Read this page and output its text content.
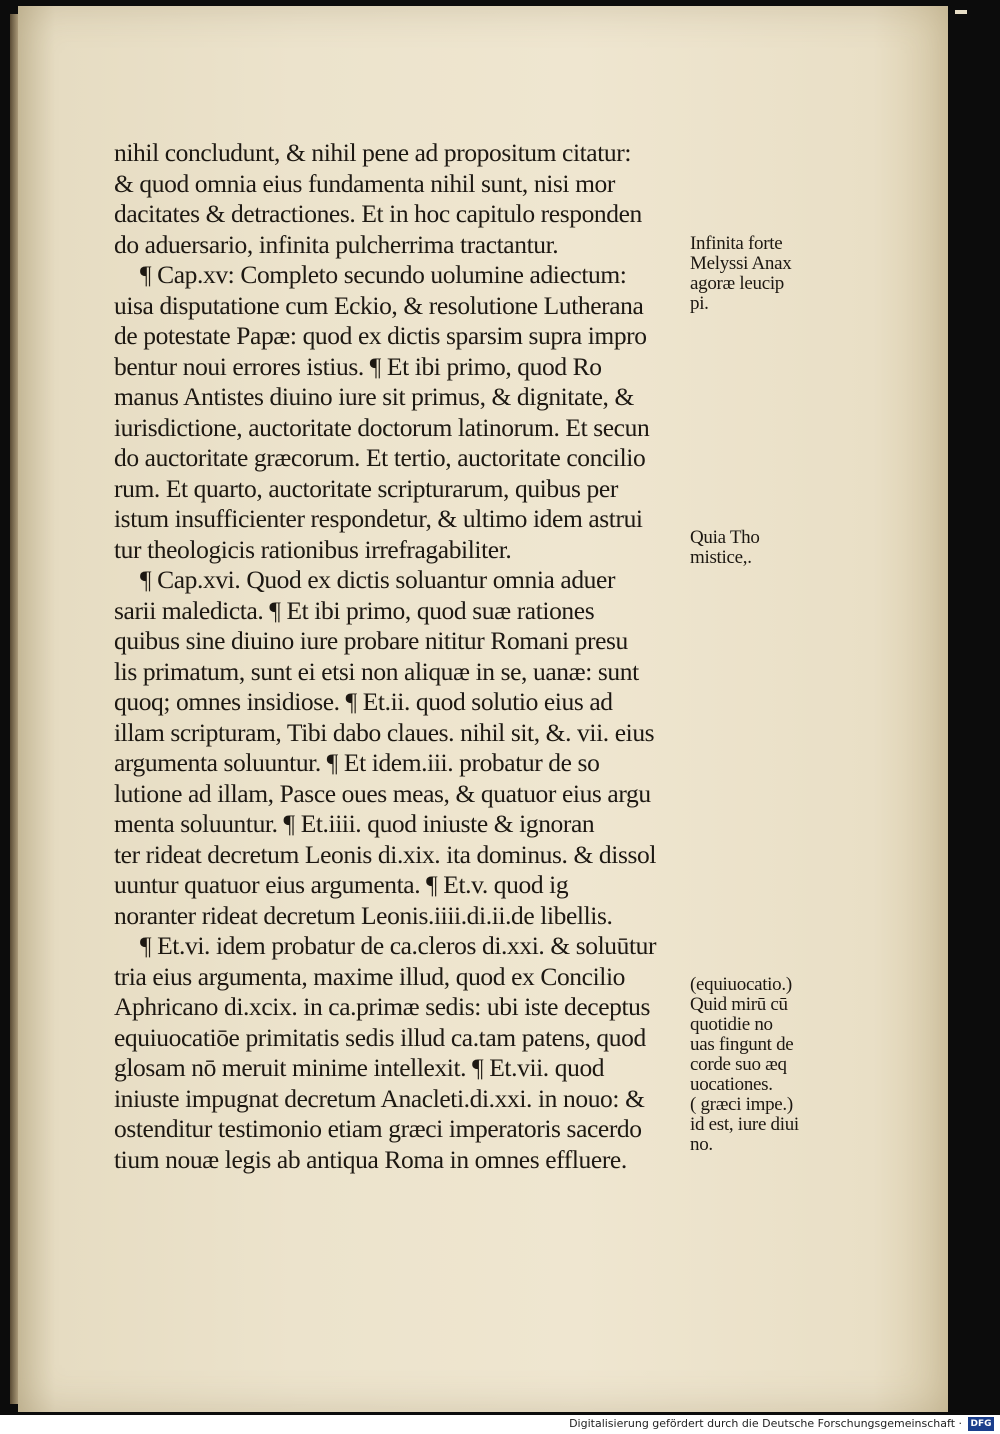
nihil concludunt, & nihil pene ad propositum citatur:
& quod omnia eius fundamenta nihil sunt, nisi mor
dacitates & detractiones. Et in hoc capitulo responden
do aduersario, infinita pulcherrima tractantur.
¶ Cap.xv: Completo secundo uolumine adiectum:
uisa disputatione cum Eckio, & resolutione Lutherana
de potestate Papæ: quod ex dictis sparsim supra impro
bentur noui errores istius. ¶ Et ibi primo, quod Ro
manus Antistes diuino iure sit primus, & dignitate, &
iurisdictione, auctoritate doctorum latinorum. Et secun
do auctoritate græcorum. Et tertio, auctoritate concilio
rum. Et quarto, auctoritate scripturarum, quibus per
istum insufficienter respondetur, & ultimo idem astrui
tur theologicis rationibus irrefragabiliter.
¶ Cap.xvi. Quod ex dictis soluantur omnia aduer
sarii maledicta. ¶ Et ibi primo, quod suæ rationes
quibus sine diuino iure probare nititur Romani presu
lis primatum, sunt ei etsi non aliquæ in se, uanæ: sunt
quoq; omnes insidiose. ¶ Et.ii. quod solutio eius ad
illam scripturam, Tibi dabo claues. nihil sit, &. vii. eius
argumenta soluuntur. ¶ Et idem.iii. probatur de so
lutione ad illam, Pasce oues meas, & quatuor eius argu
menta soluuntur. ¶ Et.iiii. quod iniuste & ignoran
ter rideat decretum Leonis di.xix. ita dominus. & dissol
uuntur quatuor eius argumenta. ¶ Et.v. quod ig
noranter rideat decretum Leonis.iiii.di.ii.de libellis.
¶ Et.vi. idem probatur de ca.cleros di.xxi. & soluūtur
tria eius argumenta, maxime illud, quod ex Concilio
Aphricano di.xcix. in ca.primæ sedis: ubi iste deceptus
equiuocatiōe primitatis sedis illud ca.tam patens, quod
glosam nō meruit minime intellexit. ¶ Et.vii. quod
iniuste impugnat decretum Anacleti.di.xxi. in nouo: &
ostenditur testimonio etiam græci imperatoris sacerdo
tium nouæ legis ab antiqua Roma in omnes effluere.
Infinita forte
Melyssi Anax
agoræ leucip
pi.
Quia Tho
mistice,.
(equiuocatio.)
Quid mirū cū
quotidie no
uas fingunt de
corde suo æq
uocationes.
( græci impe.)
id est, iure diui
no.
Digitalisierung gefördert durch die Deutsche Forschungsgemeinschaft · DFG
